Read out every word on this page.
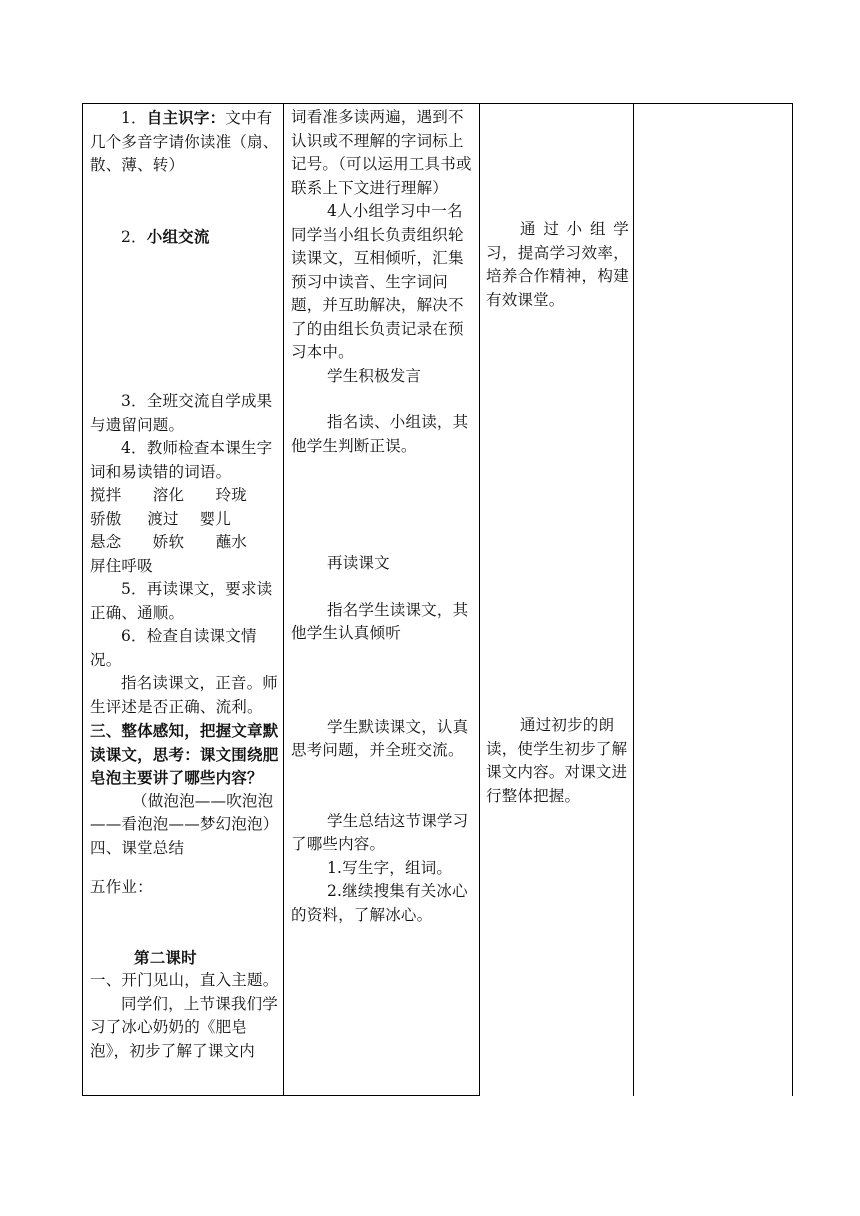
1．自主识字：文中有几个多音字请你读准（扇、散、薄、转）
2．小组交流
3．全班交流自学成果与遗留问题。
4．教师检查本课生字词和易读错的词语。
搅拌　　溶化　　玲珑
骄傲　  渡过　 婴儿
悬念　　娇软　　蘸水
屏住呼吸
5．再读课文，要求读正确、通顺。
6．检查自读课文情况。
指名读课文，正音。师生评述是否正确、流利。
三、整体感知，把握文章默读课文，思考：课文围绕肥皂泡主要讲了哪些内容？
（做泡泡——吹泡泡——看泡泡——梦幻泡泡）
四、课堂总结
五作业：
第二课时
一、开门见山，直入主题。
同学们，上节课我们学习了冰心奶奶的《肥皂泡》，初步了解了课文内
词看准多读两遍，遇到不认识或不理解的字词标上记号。（可以运用工具书或联系上下文进行理解）
4人小组学习中一名同学当小组长负责组织轮读课文，互相倾听，汇集预习中读音、生字词问题，并互助解决，解决不了的由组长负责记录在预习本中。
学生积极发言
指名读、小组读，其他学生判断正误。
再读课文
指名学生读课文，其他学生认真倾听
学生默读课文，认真思考问题，并全班交流。
学生总结这节课学习了哪些内容。
1.写生字，组词。
2.继续搜集有关冰心的资料，了解冰心。
通过小组学习，提高学习效率，培养合作精神，构建有效课堂。
通过初步的朗读，使学生初步了解课文内容。对课文进行整体把握。
